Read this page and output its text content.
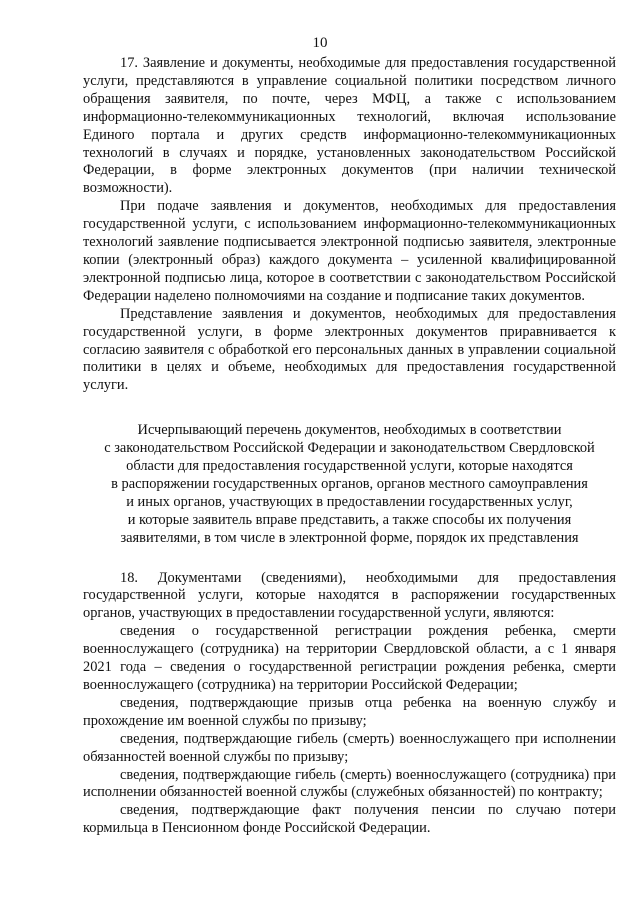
10

17. Заявление и документы, необходимые для предоставления государственной услуги, представляются в управление социальной политики посредством личного обращения заявителя, по почте, через МФЦ, а также с использованием информационно-телекоммуникационных технологий, включая использование Единого портала и других средств информационно-телекоммуникационных технологий в случаях и порядке, установленных законодательством Российской Федерации, в форме электронных документов (при наличии технической возможности).

При подаче заявления и документов, необходимых для предоставления государственной услуги, с использованием информационно-телекоммуникационных технологий заявление подписывается электронной подписью заявителя, электронные копии (электронный образ) каждого документа – усиленной квалифицированной электронной подписью лица, которое в соответствии с законодательством Российской Федерации наделено полномочиями на создание и подписание таких документов.

Представление заявления и документов, необходимых для предоставления государственной услуги, в форме электронных документов приравнивается к согласию заявителя с обработкой его персональных данных в управлении социальной политики в целях и объеме, необходимых для предоставления государственной услуги.

Исчерпывающий перечень документов, необходимых в соответствии
с законодательством Российской Федерации и законодательством Свердловской
области для предоставления государственной услуги, которые находятся
в распоряжении государственных органов, органов местного самоуправления
и иных органов, участвующих в предоставлении государственных услуг,
и которые заявитель вправе представить, а также способы их получения
заявителями, в том числе в электронной форме, порядок их представления

18. Документами (сведениями), необходимыми для предоставления государственной услуги, которые находятся в распоряжении государственных органов, участвующих в предоставлении государственной услуги, являются:

сведения о государственной регистрации рождения ребенка, смерти военнослужащего (сотрудника) на территории Свердловской области, а с 1 января 2021 года – сведения о государственной регистрации рождения ребенка, смерти военнослужащего (сотрудника) на территории Российской Федерации;

сведения, подтверждающие призыв отца ребенка на военную службу и прохождение им военной службы по призыву;

сведения, подтверждающие гибель (смерть) военнослужащего при исполнении обязанностей военной службы по призыву;

сведения, подтверждающие гибель (смерть) военнослужащего (сотрудника) при исполнении обязанностей военной службы (служебных обязанностей) по контракту;

сведения, подтверждающие факт получения пенсии по случаю потери кормильца в Пенсионном фонде Российской Федерации.
